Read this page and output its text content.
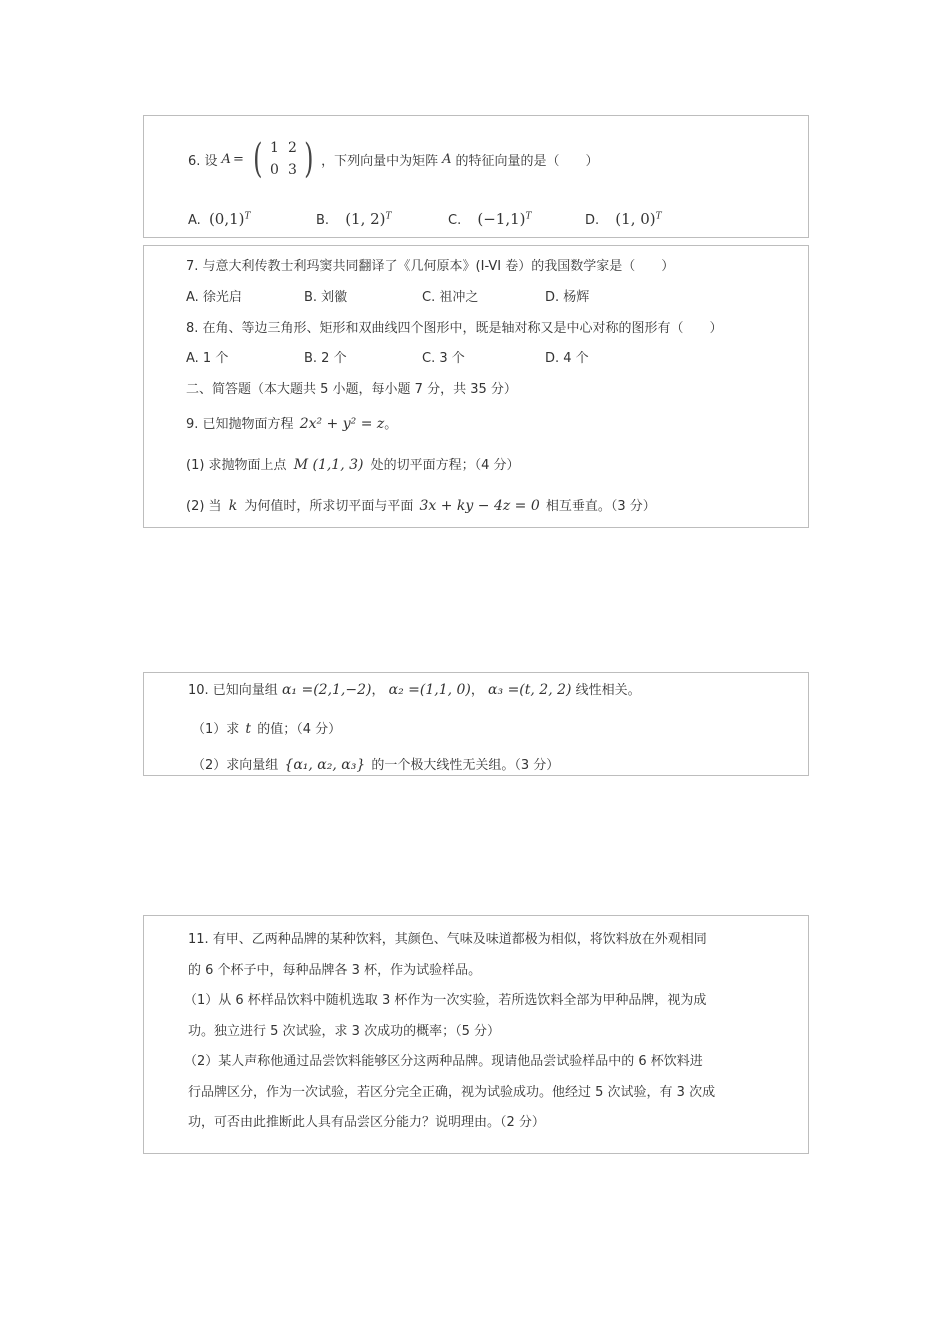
6. 设 A = ( 1 2
0 3 ) ，下列向量中为矩阵 A 的特征向量的是（　　）
A. $(0,1)^T$	B. (1, 2)$^T$	C. $(-1,1)^T$	D. (1, 0)$^T$
7. 与意大利传教士利玛窦共同翻译了《几何原本》(I-VI 卷）的我国数学家是（　　）
A. 徐光启	B. 刘徽	C. 祖冲之	D. 杨辉
8. 在角、等边三角形、矩形和双曲线四个图形中，既是轴对称又是中心对称的图形有（　　）
A. 1 个	B. 2 个	C. 3 个	D. 4 个
二、简答题（本大题共 5 小题，每小题 7 分，共 35 分）
9. 已知抛物面方程 2x² + y² = z。
(1) 求抛物面上点 M (1,1, 3) 处的切平面方程；（4 分）
(2) 当 k 为何值时，所求切平面与平面 3x + ky − 4z = 0 相互垂直。（3 分）
10. 已知向量组 α₁ =(2,1,−2)， α₂ =(1,1, 0)， α₃ =(t, 2, 2) 线性相关。
（1）求 t 的值；（4 分）
（2）求向量组 {α₁, α₂, α₃} 的一个极大线性无关组。（3 分）
11. 有甲、乙两种品牌的某种饮料，其颜色、气味及味道都极为相似，将饮料放在外观相同
的 6 个杯子中，每种品牌各 3 杯，作为试验样品。
（1）从 6 杯样品饮料中随机选取 3 杯作为一次实验，若所选饮料全部为甲种品牌，视为成
功。独立进行 5 次试验，求 3 次成功的概率；（5 分）
（2）某人声称他通过品尝饮料能够区分这两种品牌。现请他品尝试验样品中的 6 杯饮料进
行品牌区分，作为一次试验，若区分完全正确，视为试验成功。他经过 5 次试验，有 3 次成
功，可否由此推断此人具有品尝区分能力？说明理由。（2 分）
